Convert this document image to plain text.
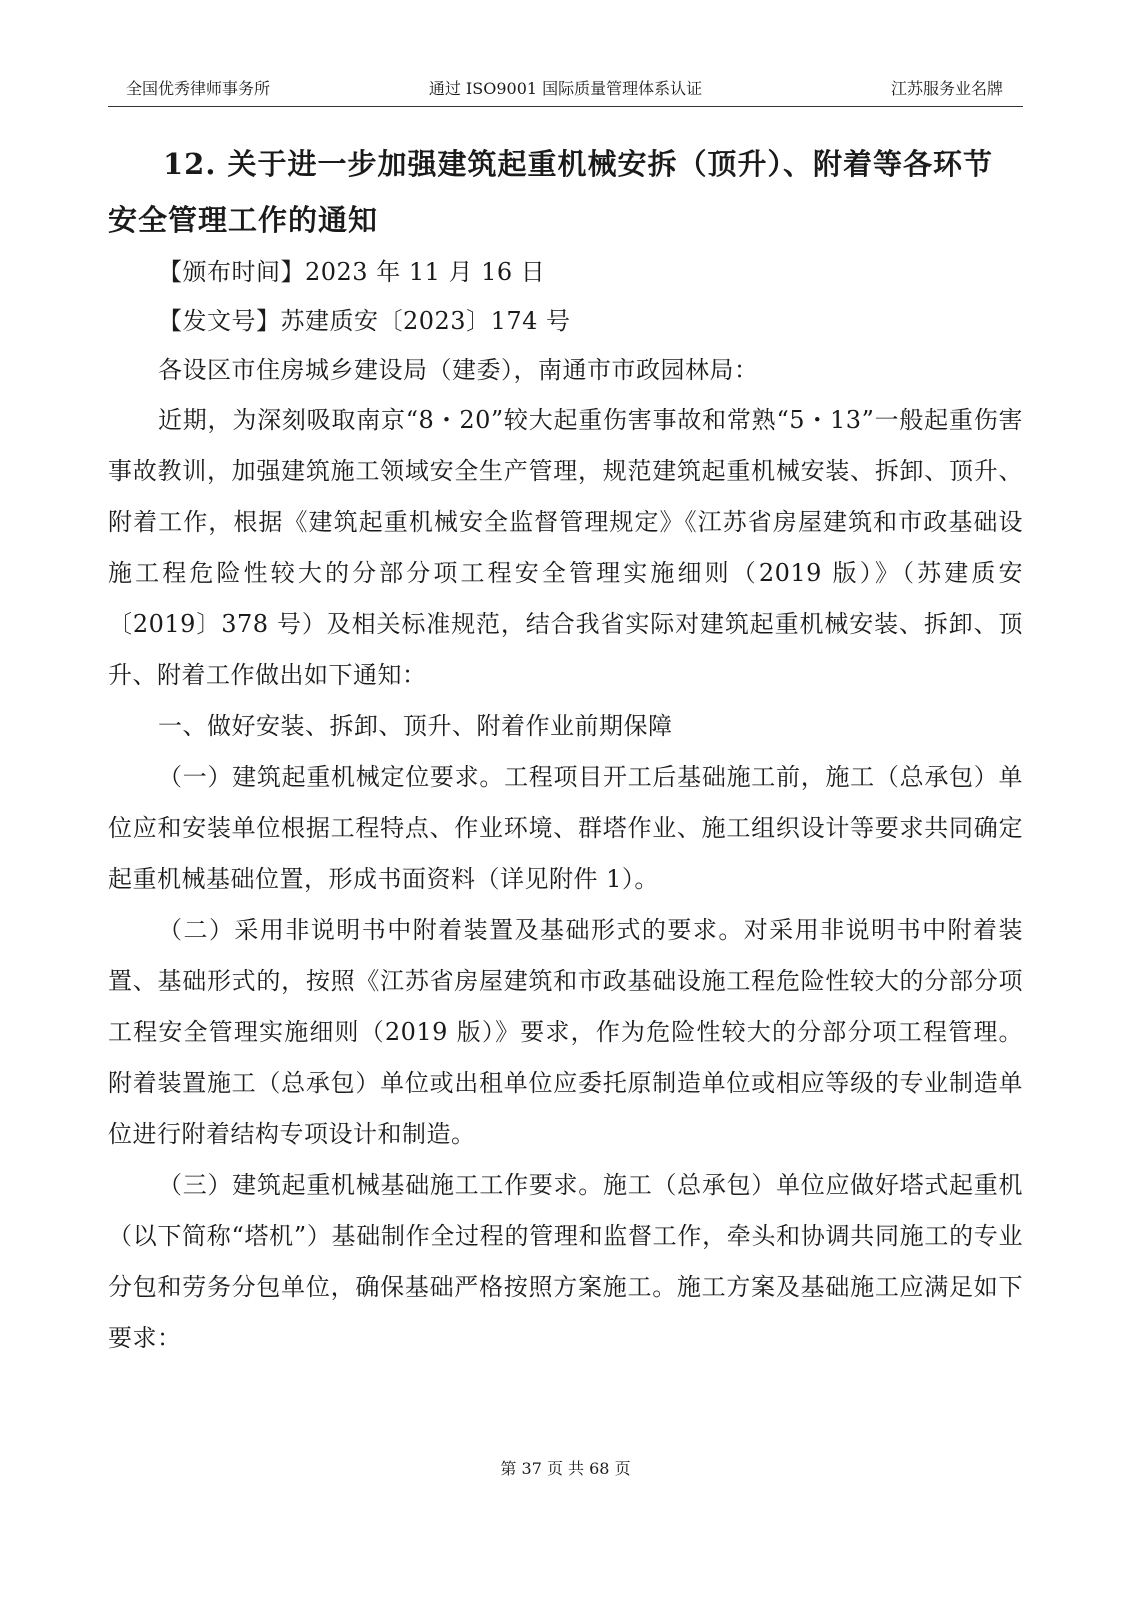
全国优秀律师事务所	通过 ISO9001 国际质量管理体系认证	江苏服务业名牌
12. 关于进一步加强建筑起重机械安拆（顶升）、附着等各环节安全管理工作的通知

【颁布时间】2023 年 11 月 16 日

【发文号】苏建质安〔2023〕174 号

各设区市住房城乡建设局（建委），南通市市政园林局：

近期，为深刻吸取南京“8・20”较大起重伤害事故和常熟“5・13”一般起重伤害事故教训，加强建筑施工领域安全生产管理，规范建筑起重机械安装、拆卸、顶升、附着工作，根据《建筑起重机械安全监督管理规定》《江苏省房屋建筑和市政基础设施工程危险性较大的分部分项工程安全管理实施细则（2019 版）》（苏建质安〔2019〕378 号）及相关标准规范，结合我省实际对建筑起重机械安装、拆卸、顶升、附着工作做出如下通知：

一、做好安装、拆卸、顶升、附着作业前期保障

（一）建筑起重机械定位要求。工程项目开工后基础施工前，施工（总承包）单位应和安装单位根据工程特点、作业环境、群塔作业、施工组织设计等要求共同确定起重机械基础位置，形成书面资料（详见附件 1）。

（二）采用非说明书中附着装置及基础形式的要求。对采用非说明书中附着装置、基础形式的，按照《江苏省房屋建筑和市政基础设施工程危险性较大的分部分项工程安全管理实施细则（2019 版）》要求，作为危险性较大的分部分项工程管理。附着装置施工（总承包）单位或出租单位应委托原制造单位或相应等级的专业制造单位进行附着结构专项设计和制造。

（三）建筑起重机械基础施工工作要求。施工（总承包）单位应做好塔式起重机（以下简称“塔机”）基础制作全过程的管理和监督工作，牵头和协调共同施工的专业分包和劳务分包单位，确保基础严格按照方案施工。施工方案及基础施工应满足如下要求：

第 37 页 共 68 页
